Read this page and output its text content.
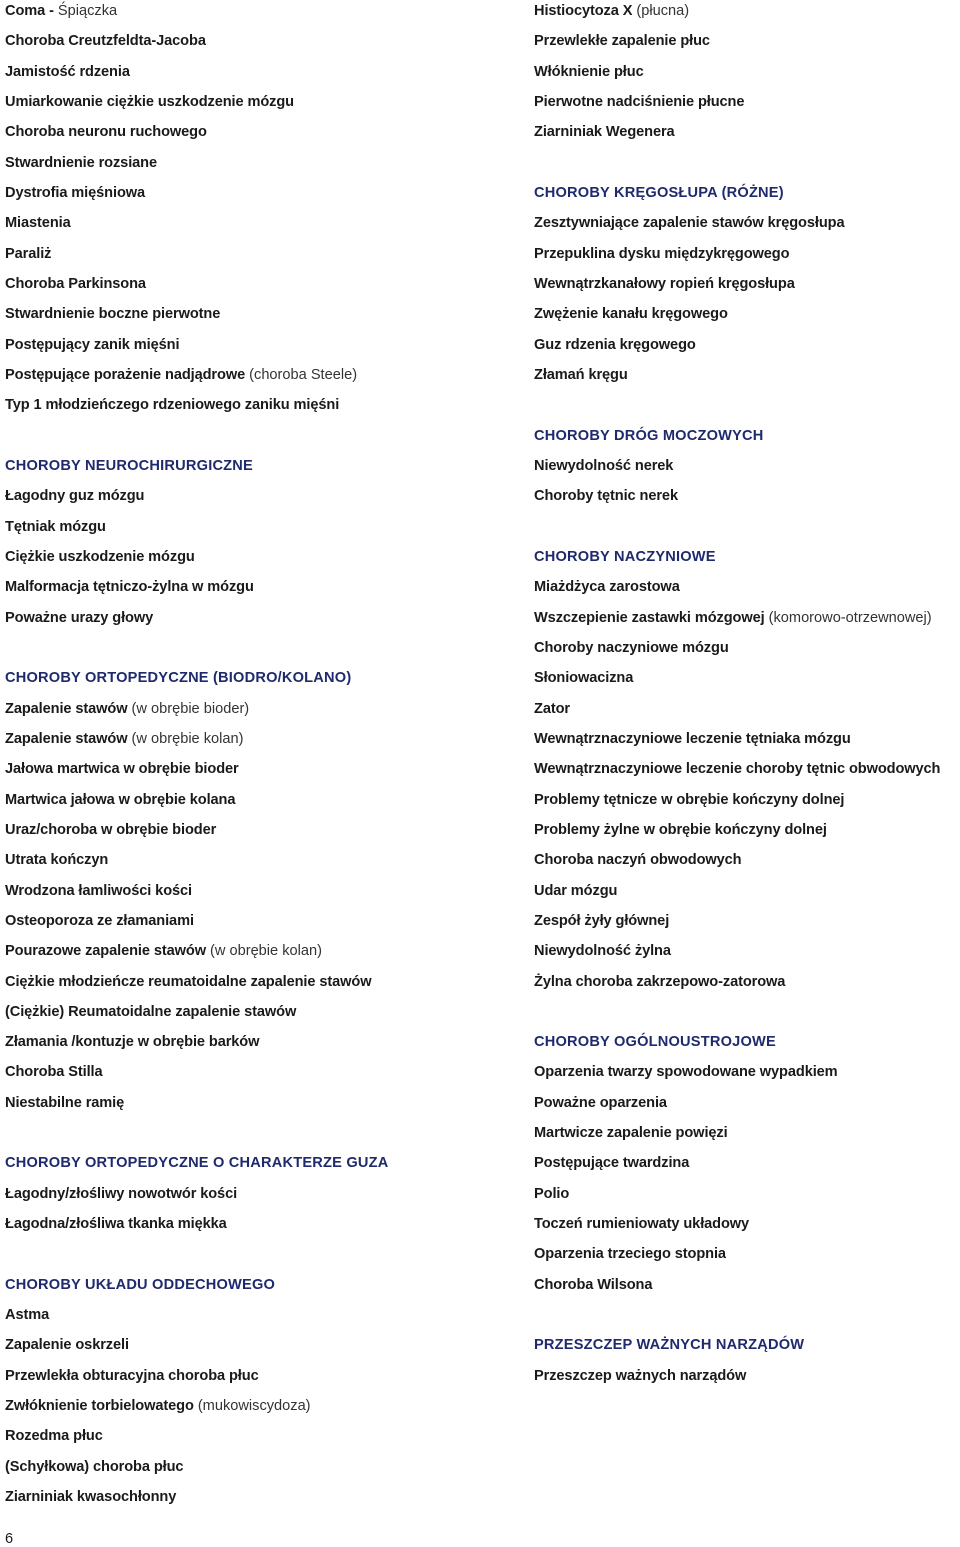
Coma - Śpiączka
Choroba Creutzfeldta-Jacoba
Jamistość rdzenia
Umiarkowanie ciężkie uszkodzenie mózgu
Choroba neuronu ruchowego
Stwardnienie rozsiane
Dystrofia mięśniowa
Miastenia
Paraliż
Choroba Parkinsona
Stwardnienie boczne pierwotne
Postępujący zanik mięśni
Postępujące porażenie nadjądrowe (choroba Steele)
Typ 1 młodzieńczego rdzeniowego zaniku mięśni
CHOROBY NEUROCHIRURGICZNE
Łagodny guz mózgu
Tętniak mózgu
Ciężkie uszkodzenie mózgu
Malformacja tętniczo-żylna w mózgu
Poważne urazy głowy
CHOROBY ORTOPEDYCZNE (BIODRO/KOLANO)
Zapalenie stawów (w obrębie bioder)
Zapalenie stawów (w obrębie kolan)
Jałowa martwica w obrębie bioder
Martwica jałowa w obrębie kolana
Uraz/choroba w obrębie bioder
Utrata kończyn
Wrodzona łamliwości kości
Osteoporoza ze złamaniami
Pourazowe zapalenie stawów (w obrębie kolan)
Ciężkie młodzieńcze reumatoidalne zapalenie stawów
(Ciężkie) Reumatoidalne zapalenie stawów
Złamania /kontuzje w obrębie barków
Choroba Stilla
Niestabilne ramię
CHOROBY ORTOPEDYCZNE O CHARAKTERZE GUZA
Łagodny/złośliwy nowotwór kości
Łagodna/złośliwa tkanka miękka
CHOROBY UKŁADU ODDECHOWEGO
Astma
Zapalenie oskrzeli
Przewlekła obturacyjna choroba płuc
Zwłóknienie torbielowatego (mukowiscydoza)
Rozedma płuc
(Schyłkowa) choroba płuc
Ziarniniak kwasochłonny
Histiocytoza X (płucna)
Przewlekłe zapalenie płuc
Włóknienie płuc
Pierwotne nadciśnienie płucne
Ziarniniak Wegenera
CHOROBY KRĘGOSŁUPA (RÓŻNE)
Zesztywniające zapalenie stawów kręgosłupa
Przepuklina dysku międzykręgowego
Wewnątrzkanałowy ropień kręgosłupa
Zwężenie kanału kręgowego
Guz rdzenia kręgowego
Złamań kręgu
CHOROBY DRÓG MOCZOWYCH
Niewydolność nerek
Choroby tętnic nerek
CHOROBY NACZYNIOWE
Miażdżyca zarostowa
Wszczepienie zastawki mózgowej (komorowo-otrzewnowej)
Choroby naczyniowe mózgu
Słoniowacizna
Zator
Wewnątrznaczyniowe leczenie tętniaka mózgu
Wewnątrznaczyniowe leczenie choroby tętnic obwodowych
Problemy tętnicze w obrębie kończyny dolnej
Problemy żylne w obrębie kończyny dolnej
Choroba naczyń obwodowych
Udar mózgu
Zespół żyły głównej
Niewydolność żylna
Żylna choroba zakrzepowo-zatorowa
CHOROBY OGÓLNOUSTROJOWE
Oparzenia twarzy spowodowane wypadkiem
Poważne oparzenia
Martwicze zapalenie powięzi
Postępujące twardzina
Polio
Toczeń rumieniowaty układowy
Oparzenia trzeciego stopnia
Choroba Wilsona
PRZESZCZEP WAŻNYCH NARZĄDÓW
Przeszczep ważnych narządów
6
